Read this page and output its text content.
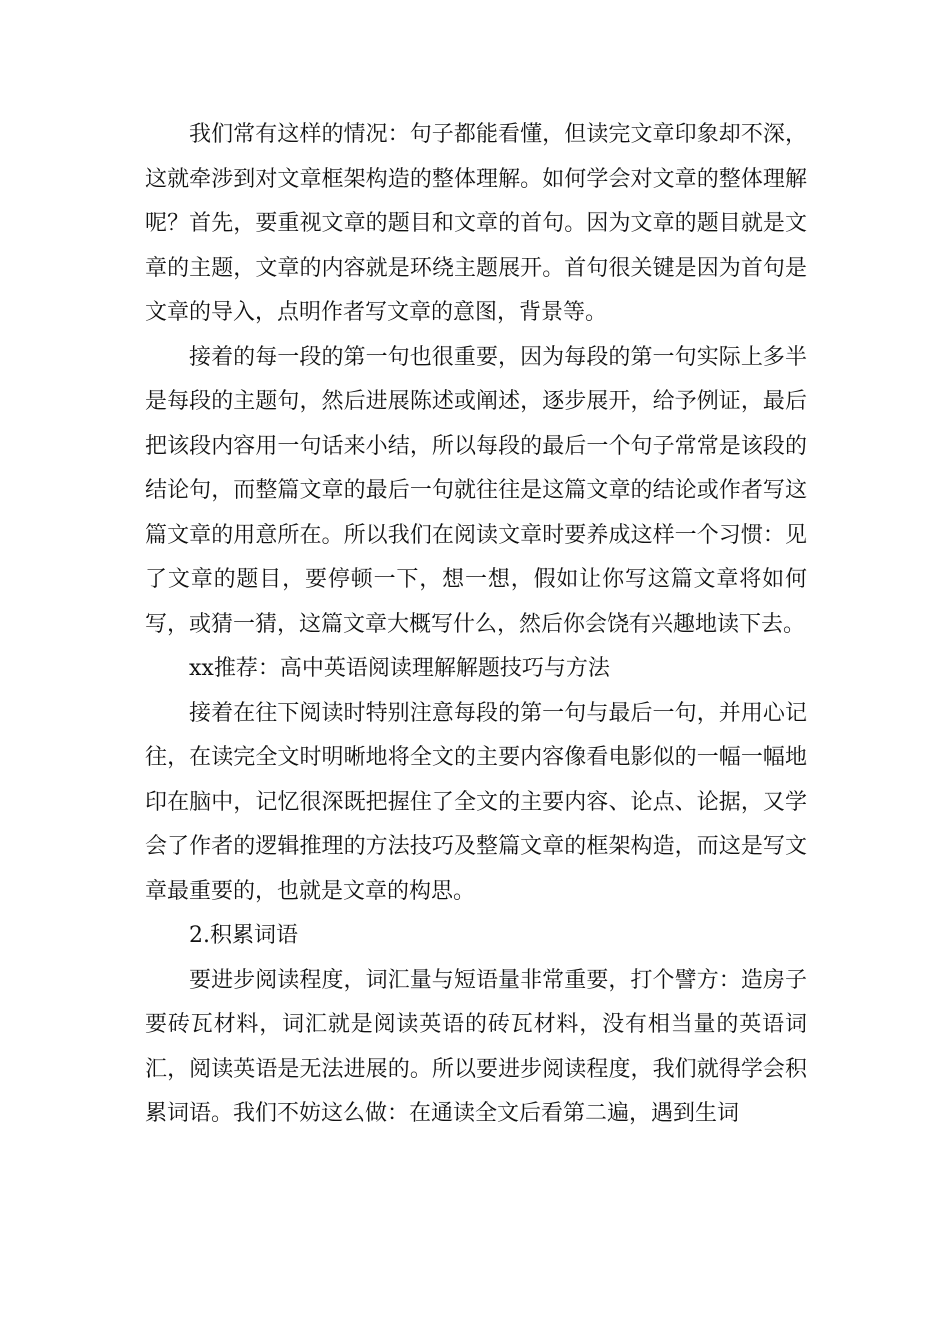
我们常有这样的情况：句子都能看懂，但读完文章印象却不深，这就牵涉到对文章框架构造的整体理解。如何学会对文章的整体理解呢？首先，要重视文章的题目和文章的首句。因为文章的题目就是文章的主题，文章的内容就是环绕主题展开。首句很关键是因为首句是文章的导入，点明作者写文章的意图，背景等。

接着的每一段的第一句也很重要，因为每段的第一句实际上多半是每段的主题句，然后进展陈述或阐述，逐步展开，给予例证，最后把该段内容用一句话来小结，所以每段的最后一个句子常常是该段的结论句，而整篇文章的最后一句就往往是这篇文章的结论或作者写这篇文章的用意所在。所以我们在阅读文章时要养成这样一个习惯：见了文章的题目，要停顿一下，想一想，假如让你写这篇文章将如何写，或猜一猜，这篇文章大概写什么，然后你会饶有兴趣地读下去。

xx推荐：高中英语阅读理解解题技巧与方法

接着在往下阅读时特别注意每段的第一句与最后一句，并用心记往，在读完全文时明晰地将全文的主要内容像看电影似的一幅一幅地印在脑中，记忆很深既把握住了全文的主要内容、论点、论据，又学会了作者的逻辑推理的方法技巧及整篇文章的框架构造，而这是写文章最重要的，也就是文章的构思。

2.积累词语

要进步阅读程度，词汇量与短语量非常重要，打个譬方：造房子要砖瓦材料，词汇就是阅读英语的砖瓦材料，没有相当量的英语词汇，阅读英语是无法进展的。所以要进步阅读程度，我们就得学会积累词语。我们不妨这么做：在通读全文后看第二遍，遇到生词
